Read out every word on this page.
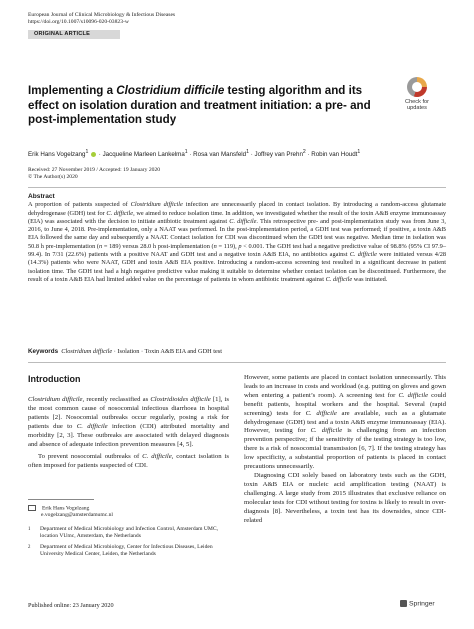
European Journal of Clinical Microbiology & Infectious Diseases
https://doi.org/10.1007/s10096-020-03823-w
ORIGINAL ARTICLE
Check for
updates
Implementing a Clostridium difficile testing algorithm and its effect on isolation duration and treatment initiation: a pre- and post-implementation study
Erik Hans Vogelzang$^1$  · Jacqueline Marleen Lankelma$^1$ · Rosa van Mansfeld$^1$ · Joffrey van Prehn$^2$ · Robin van Houdt$^1$
Received: 27 November 2019 / Accepted: 19 January 2020
© The Author(s) 2020
Abstract
A proportion of patients suspected of Clostridium difficile infection are unnecessarily placed in contact isolation. By introducing a random-access glutamate dehydrogenase (GDH) test for C. difficile, we aimed to reduce isolation time. In addition, we investigated whether the result of the toxin A&B enzyme immunoassay (EIA) was associated with the decision to initiate antibiotic treatment against C. difficile. This retrospective pre- and post-implementation study was from June 3, 2016, to June 4, 2018. Pre-implementation, only a NAAT was performed. In the post-implementation period, a GDH test was performed; if positive, a toxin A&B EIA followed the same day and subsequently a NAAT. Contact isolation for CDI was discontinued when the GDH test was negative. Median time in isolation was 50.8 h pre-implementation (n = 189) versus 28.0 h post-implementation (n = 119), p < 0.001. The GDH test had a negative predictive value of 98.8% (95% CI 97.9–99.4). In 7/31 (22.6%) patients with a positive NAAT and GDH test and a negative toxin A&B EIA, no antibiotics against C. difficile were initiated versus 4/28 (14.3%) patients who were NAAT, GDH and toxin A&B EIA positive. Introducing a random-access screening test resulted in a significant decrease in patient isolation time. The GDH test had a high negative predictive value making it suitable to determine whether contact isolation can be discontinued. Furthermore, the result of a toxin A&B EIA had limited added value on the percentage of patients in whom antibiotic treatment against C. difficile was initiated.
Keywords Clostridium difficile · Isolation · Toxin A&B EIA and GDH test
Introduction

Clostridium difficile, recently reclassified as Clostridioides difficile [1], is the most common cause of nosocomial infectious diarrhoea in hospital patients [2]. Nosocomial outbreaks occur regularly, posing a risk for patients due to C. difficile infection (CDI) attributed mortality and morbidity [2, 3]. These outbreaks are associated with delayed diagnosis and absence of adequate infection prevention measures [4, 5].

To prevent nosocomial outbreaks of C. difficile, contact isolation is often imposed for patients suspected of CDI.

However, some patients are placed in contact isolation unnecessarily. This leads to an increase in costs and workload (e.g. putting on gloves and gown when entering a patient’s room). A screening test for C. difficile could benefit patients, hospital workers and the hospital. Several (rapid screening) tests for C. difficile are available, such as a glutamate dehydrogenase (GDH) test and a toxin A&B enzyme immunoassay (EIA). However, testing for C. difficile is challenging from an infection prevention perspective; if the sensitivity of the testing strategy is too low, there is a risk of nosocomial transmission [6, 7]. If the testing strategy has low specificity, a substantial proportion of patients is placed in contact precautions unnecessarily.

Diagnosing CDI solely based on laboratory tests such as the GDH, toxin A&B EIA or nucleic acid amplification testing (NAAT) is challenging. A large study from 2015 illustrates that exclusive reliance on molecular tests for CDI without testing for toxins is likely to result in over-diagnosis [8]. Nevertheless, a toxin test has its downsides, since CDI-related

Erik Hans Vogelzang
e.vogelzang@amsterdamumc.nl
1	Department of Medical Microbiology and Infection Control, Amsterdam UMC, location VUmc, Amsterdam, the Netherlands
2	Department of Medical Microbiology, Center for Infectious Diseases, Leiden University Medical Center, Leiden, the Netherlands
Published online: 23 January 2020	Springer
